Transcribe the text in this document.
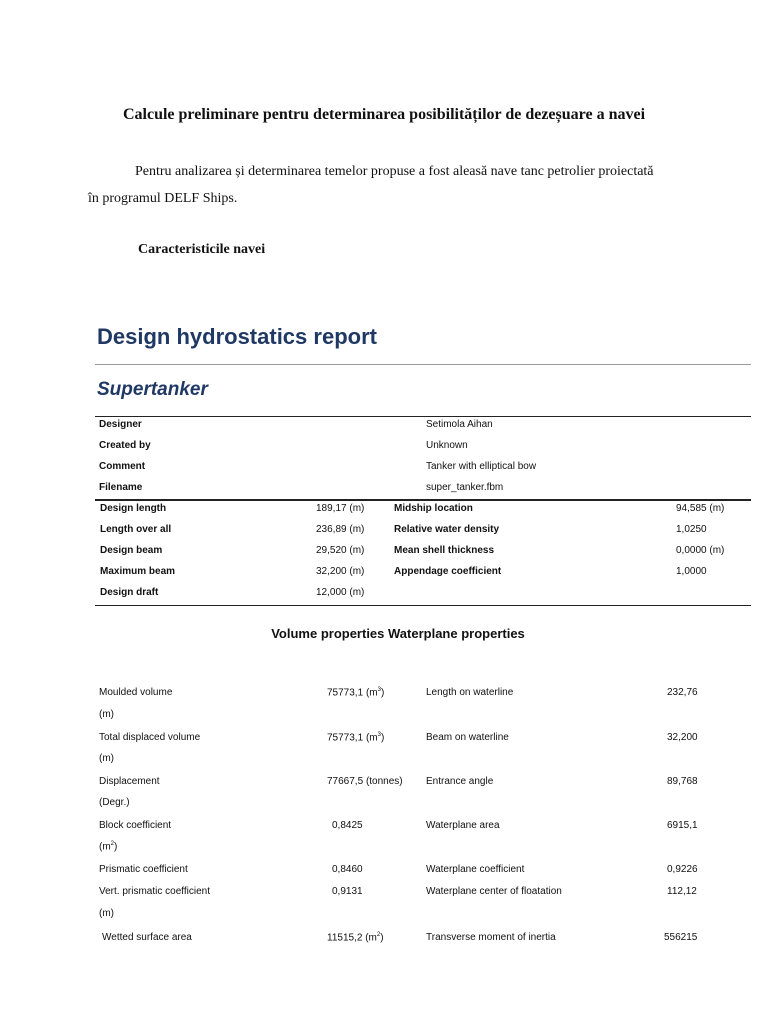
Calcule preliminare pentru determinarea posibilităților de dezeșuare a navei
Pentru analizarea și determinarea temelor propuse a fost aleasă nave tanc petrolier proiectată
în programul DELF Ships.
Caracteristicile navei
Design hydrostatics report
Supertanker
Designer	Setimola Aihan
Created by	Unknown
Comment	Tanker with elliptical bow
Filename	super_tanker.fbm
Design length	189,17 (m)	Midship location	94,585 (m)
Length over all	236,89 (m)	Relative water density	1,0250
Design beam	29,520 (m)	Mean shell thickness	0,0000 (m)
Maximum beam	32,200 (m)	Appendage coefficient	1,0000
Design draft	12,000 (m)
Volume properties Waterplane properties
Moulded volume	75773,1 $(m^3)$	Length on waterline	232,76
(m)
Total displaced volume	75773,1 $(m^3)$	Beam on waterline	32,200
(m)
Displacement	77667,5 (tonnes) Entrance angle	89,768
(Degr.)
Block coefficient	0,8425	Waterplane area	6915,1
$(m^2)$
Prismatic coefficient	0,8460	Waterplane coefficient	0,9226
Vert. prismatic coefficient	0,9131	Waterplane center of floatation	112,12
(m)
Wetted surface area	11515,2 $(m^2)$	Transverse moment of inertia	556215
